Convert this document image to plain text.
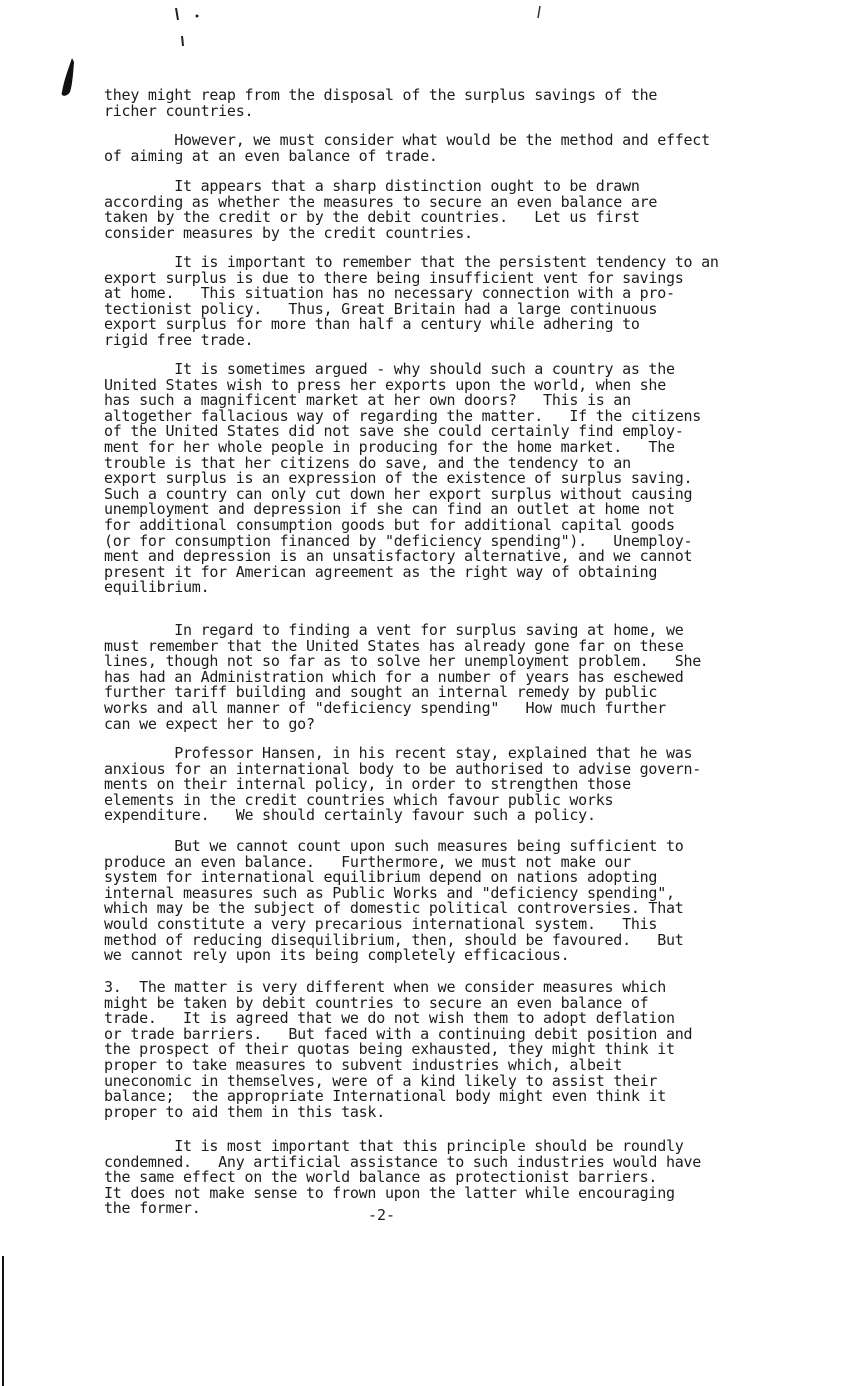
they might reap from the disposal of the surplus savings of the
richer countries.

However, we must consider what would be the method and effect
of aiming at an even balance of trade.

It appears that a sharp distinction ought to be drawn
according as whether the measures to secure an even balance are
taken by the credit or by the debit countries.   Let us first
consider measures by the credit countries.

It is important to remember that the persistent tendency to an
export surplus is due to there being insufficient vent for savings
at home.   This situation has no necessary connection with a pro-
tectionist policy.   Thus, Great Britain had a large continuous
export surplus for more than half a century while adhering to
rigid free trade.

It is sometimes argued - why should such a country as the
United States wish to press her exports upon the world, when she
has such a magnificent market at her own doors?   This is an
altogether fallacious way of regarding the matter.   If the citizens
of the United States did not save she could certainly find employ-
ment for her whole people in producing for the home market.   The
trouble is that her citizens do save, and the tendency to an
export surplus is an expression of the existence of surplus saving.
Such a country can only cut down her export surplus without causing
unemployment and depression if she can find an outlet at home not
for additional consumption goods but for additional capital goods
(or for consumption financed by "deficiency spending").   Unemploy-
ment and depression is an unsatisfactory alternative, and we cannot
present it for American agreement as the right way of obtaining
equilibrium.

In regard to finding a vent for surplus saving at home, we
must remember that the United States has already gone far on these
lines, though not so far as to solve her unemployment problem.   She
has had an Administration which for a number of years has eschewed
further tariff building and sought an internal remedy by public
works and all manner of "deficiency spending"   How much further
can we expect her to go?

Professor Hansen, in his recent stay, explained that he was
anxious for an international body to be authorised to advise govern-
ments on their internal policy, in order to strengthen those
elements in the credit countries which favour public works
expenditure.   We should certainly favour such a policy.

But we cannot count upon such measures being sufficient to
produce an even balance.   Furthermore, we must not make our
system for international equilibrium depend on nations adopting
internal measures such as Public Works and "deficiency spending",
which may be the subject of domestic political controversies. That
would constitute a very precarious international system.   This
method of reducing disequilibrium, then, should be favoured.   But
we cannot rely upon its being completely efficacious.

3.  The matter is very different when we consider measures which
might be taken by debit countries to secure an even balance of
trade.   It is agreed that we do not wish them to adopt deflation
or trade barriers.   But faced with a continuing debit position and
the prospect of their quotas being exhausted, they might think it
proper to take measures to subvent industries which, albeit
uneconomic in themselves, were of a kind likely to assist their
balance;  the appropriate International body might even think it
proper to aid them in this task.

It is most important that this principle should be roundly
condemned.   Any artificial assistance to such industries would have
the same effect on the world balance as protectionist barriers.
It does not make sense to frown upon the latter while encouraging
the former.	-2-
